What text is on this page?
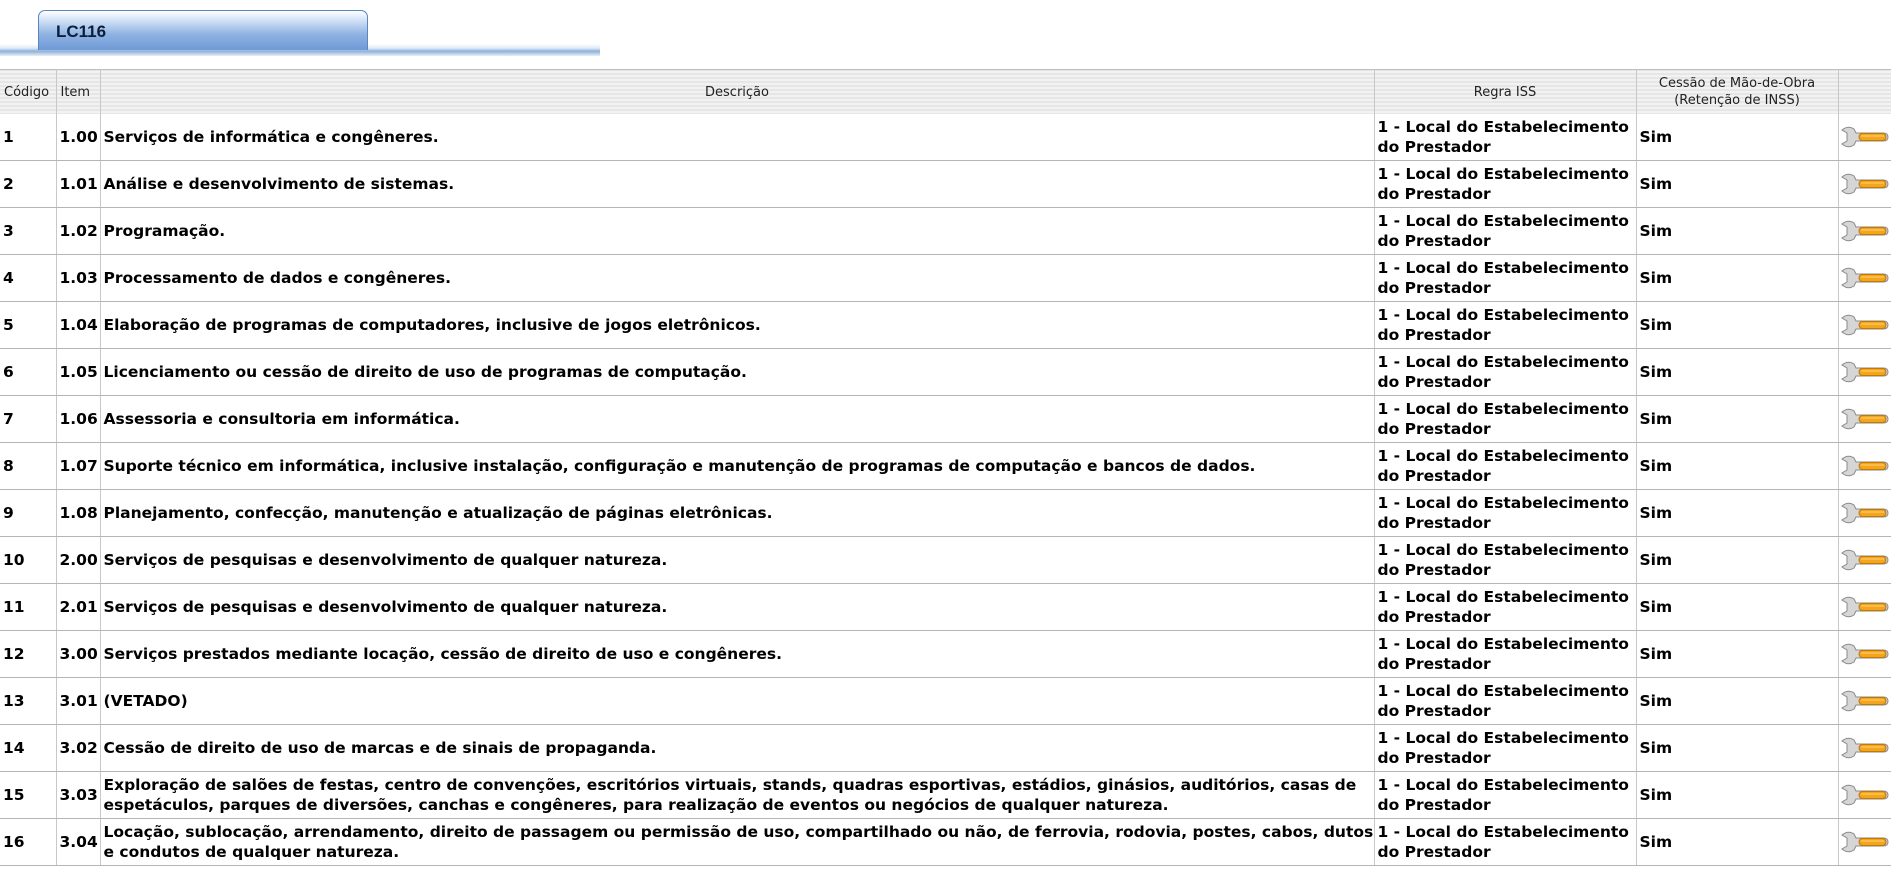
LC116
Código	Item	Descrição	Regra ISS	Cessão de Mão-de-Obra
(Retenção de INSS)	

1	1.00	Serviços de informática e congêneres.	1 - Local do Estabelecimento do Prestador	Sim	
2	1.01	Análise e desenvolvimento de sistemas.	1 - Local do Estabelecimento do Prestador	Sim	
3	1.02	Programação.	1 - Local do Estabelecimento do Prestador	Sim	
4	1.03	Processamento de dados e congêneres.	1 - Local do Estabelecimento do Prestador	Sim	
5	1.04	Elaboração de programas de computadores, inclusive de jogos eletrônicos.	1 - Local do Estabelecimento do Prestador	Sim	
6	1.05	Licenciamento ou cessão de direito de uso de programas de computação.	1 - Local do Estabelecimento do Prestador	Sim	
7	1.06	Assessoria e consultoria em informática.	1 - Local do Estabelecimento do Prestador	Sim	
8	1.07	Suporte técnico em informática, inclusive instalação, configuração e manutenção de programas de computação e bancos de dados.	1 - Local do Estabelecimento do Prestador	Sim	
9	1.08	Planejamento, confecção, manutenção e atualização de páginas eletrônicas.	1 - Local do Estabelecimento do Prestador	Sim	
10	2.00	Serviços de pesquisas e desenvolvimento de qualquer natureza.	1 - Local do Estabelecimento do Prestador	Sim	
11	2.01	Serviços de pesquisas e desenvolvimento de qualquer natureza.	1 - Local do Estabelecimento do Prestador	Sim	
12	3.00	Serviços prestados mediante locação, cessão de direito de uso e congêneres.	1 - Local do Estabelecimento do Prestador	Sim	
13	3.01	(VETADO)	1 - Local do Estabelecimento do Prestador	Sim	
14	3.02	Cessão de direito de uso de marcas e de sinais de propaganda.	1 - Local do Estabelecimento do Prestador	Sim	
15	3.03	Exploração de salões de festas, centro de convenções, escritórios virtuais, stands, quadras esportivas, estádios, ginásios, auditórios, casas de espetáculos, parques de diversões, canchas e congêneres, para realização de eventos ou negócios de qualquer natureza.	1 - Local do Estabelecimento do Prestador	Sim	
16	3.04	Locação, sublocação, arrendamento, direito de passagem ou permissão de uso, compartilhado ou não, de ferrovia, rodovia, postes, cabos, dutos e condutos de qualquer natureza.	1 - Local do Estabelecimento do Prestador	Sim	
